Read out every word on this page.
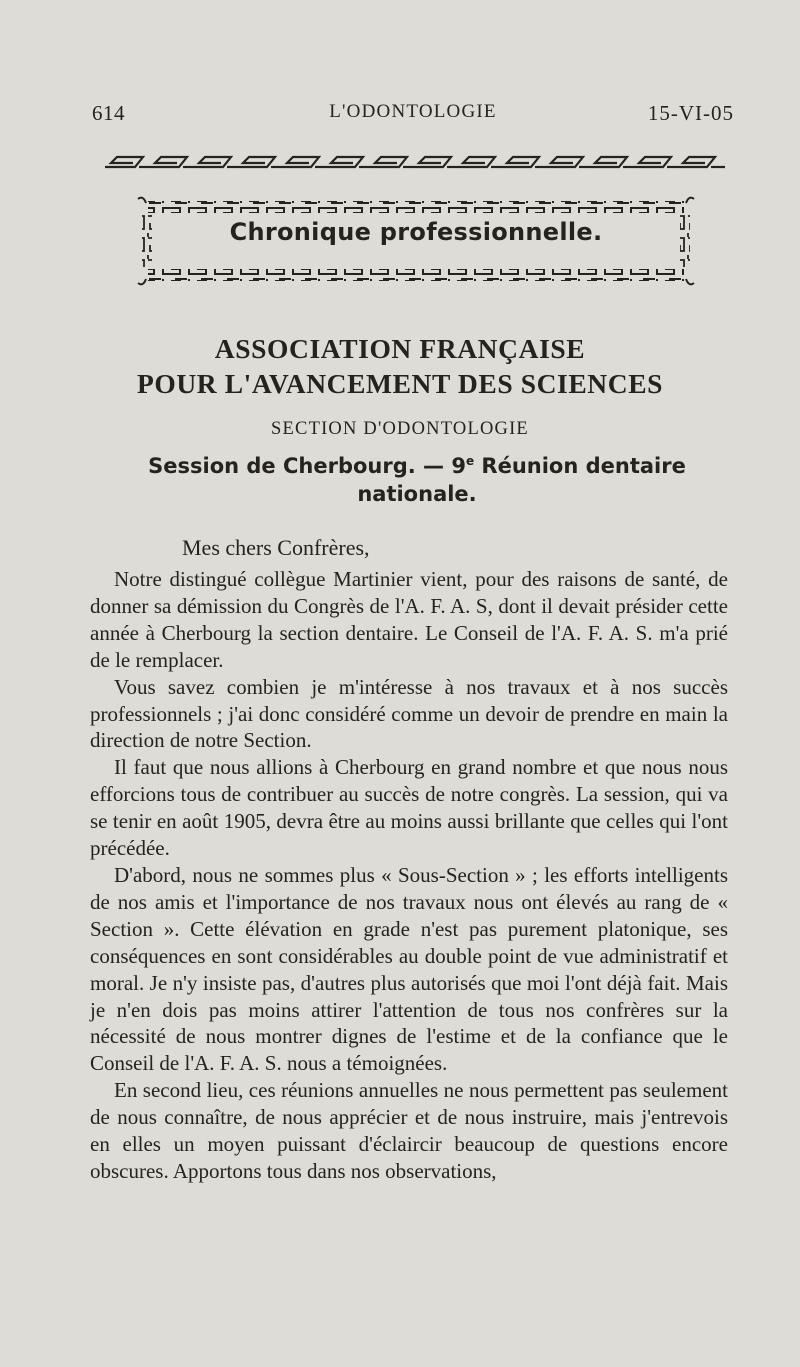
614	L'ODONTOLOGIE	15-VI-05
Chronique professionnelle.
ASSOCIATION FRANÇAISE
POUR L'AVANCEMENT DES SCIENCES
SECTION D'ODONTOLOGIE
Session de Cherbourg. — 9e Réunion dentaire nationale.
Mes chers Confrères,

Notre distingué collègue Martinier vient, pour des raisons de santé, de donner sa démission du Congrès de l'A. F. A. S, dont il devait présider cette année à Cherbourg la section dentaire. Le Conseil de l'A. F. A. S. m'a prié de le remplacer.

Vous savez combien je m'intéresse à nos travaux et à nos succès professionnels ; j'ai donc considéré comme un devoir de prendre en main la direction de notre Section.

Il faut que nous allions à Cherbourg en grand nombre et que nous nous efforcions tous de contribuer au succès de notre congrès. La session, qui va se tenir en août 1905, devra être au moins aussi brillante que celles qui l'ont précédée.

D'abord, nous ne sommes plus « Sous-Section » ; les efforts intelligents de nos amis et l'importance de nos travaux nous ont élevés au rang de « Section ». Cette élévation en grade n'est pas purement platonique, ses conséquences en sont considérables au double point de vue administratif et moral. Je n'y insiste pas, d'autres plus autorisés que moi l'ont déjà fait. Mais je n'en dois pas moins attirer l'attention de tous nos confrères sur la nécessité de nous montrer dignes de l'estime et de la confiance que le Conseil de l'A. F. A. S. nous a témoignées.

En second lieu, ces réunions annuelles ne nous permettent pas seulement de nous connaître, de nous apprécier et de nous instruire, mais j'entrevois en elles un moyen puissant d'éclaircir beaucoup de questions encore obscures. Apportons tous dans nos observations,
